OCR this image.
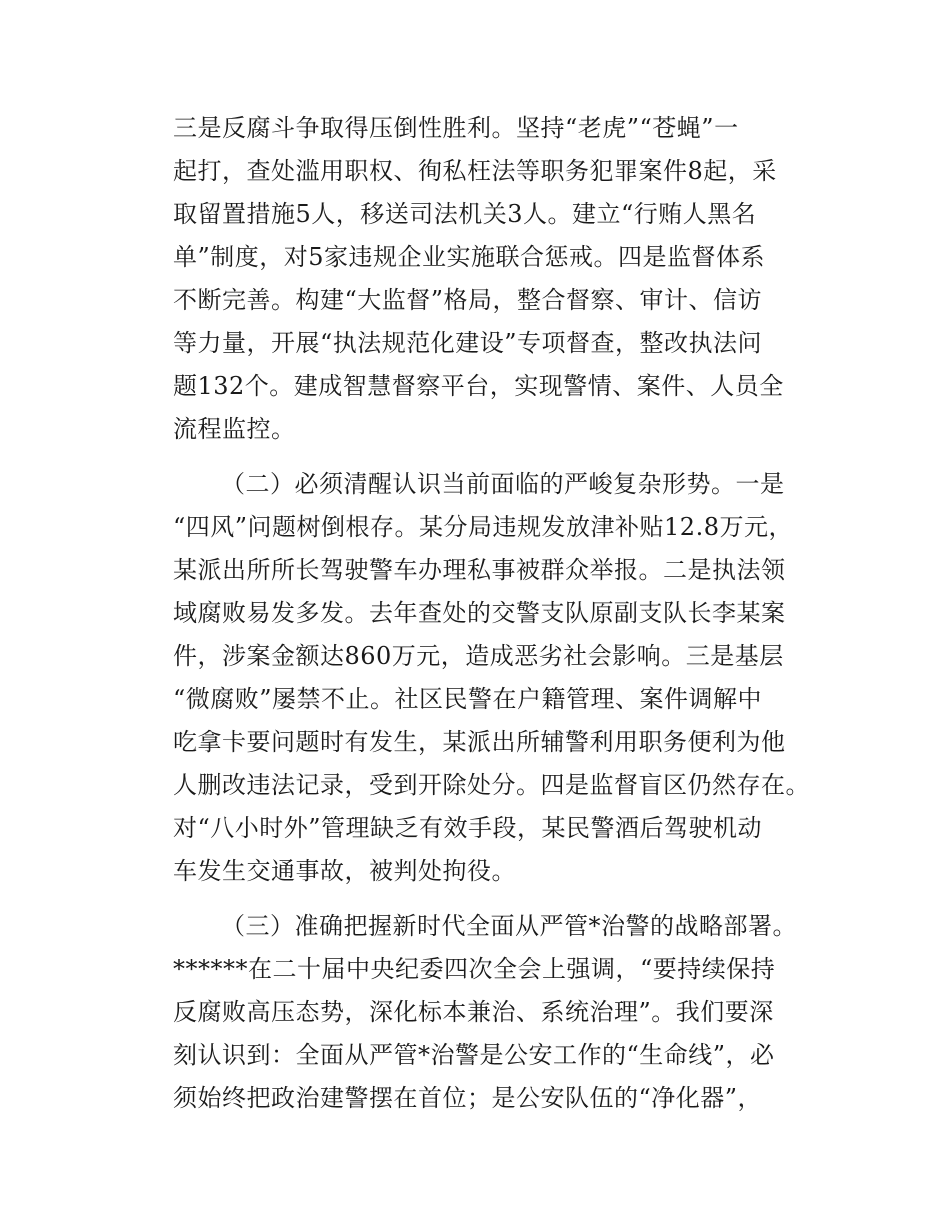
三是反腐斗争取得压倒性胜利。坚持“老虎”“苍蝇”一
起打，查处滥用职权、徇私枉法等职务犯罪案件8起，采
取留置措施5人，移送司法机关3人。建立“行贿人黑名
单”制度，对5家违规企业实施联合惩戒。四是监督体系
不断完善。构建“大监督”格局，整合督察、审计、信访
等力量，开展“执法规范化建设”专项督查，整改执法问
题132个。建成智慧督察平台，实现警情、案件、人员全
流程监控。
（二）必须清醒认识当前面临的严峻复杂形势。一是
“四风”问题树倒根存。某分局违规发放津补贴12.8万元，
某派出所所长驾驶警车办理私事被群众举报。二是执法领
域腐败易发多发。去年查处的交警支队原副支队长李某案
件，涉案金额达860万元，造成恶劣社会影响。三是基层
“微腐败”屡禁不止。社区民警在户籍管理、案件调解中
吃拿卡要问题时有发生，某派出所辅警利用职务便利为他
人删改违法记录，受到开除处分。四是监督盲区仍然存在。
对“八小时外”管理缺乏有效手段，某民警酒后驾驶机动
车发生交通事故，被判处拘役。
（三）准确把握新时代全面从严管*治警的战略部署。
******在二十届中央纪委四次全会上强调，“要持续保持
反腐败高压态势，深化标本兼治、系统治理”。我们要深
刻认识到：全面从严管*治警是公安工作的“生命线”，必
须始终把政治建警摆在首位；是公安队伍的“净化器”，
